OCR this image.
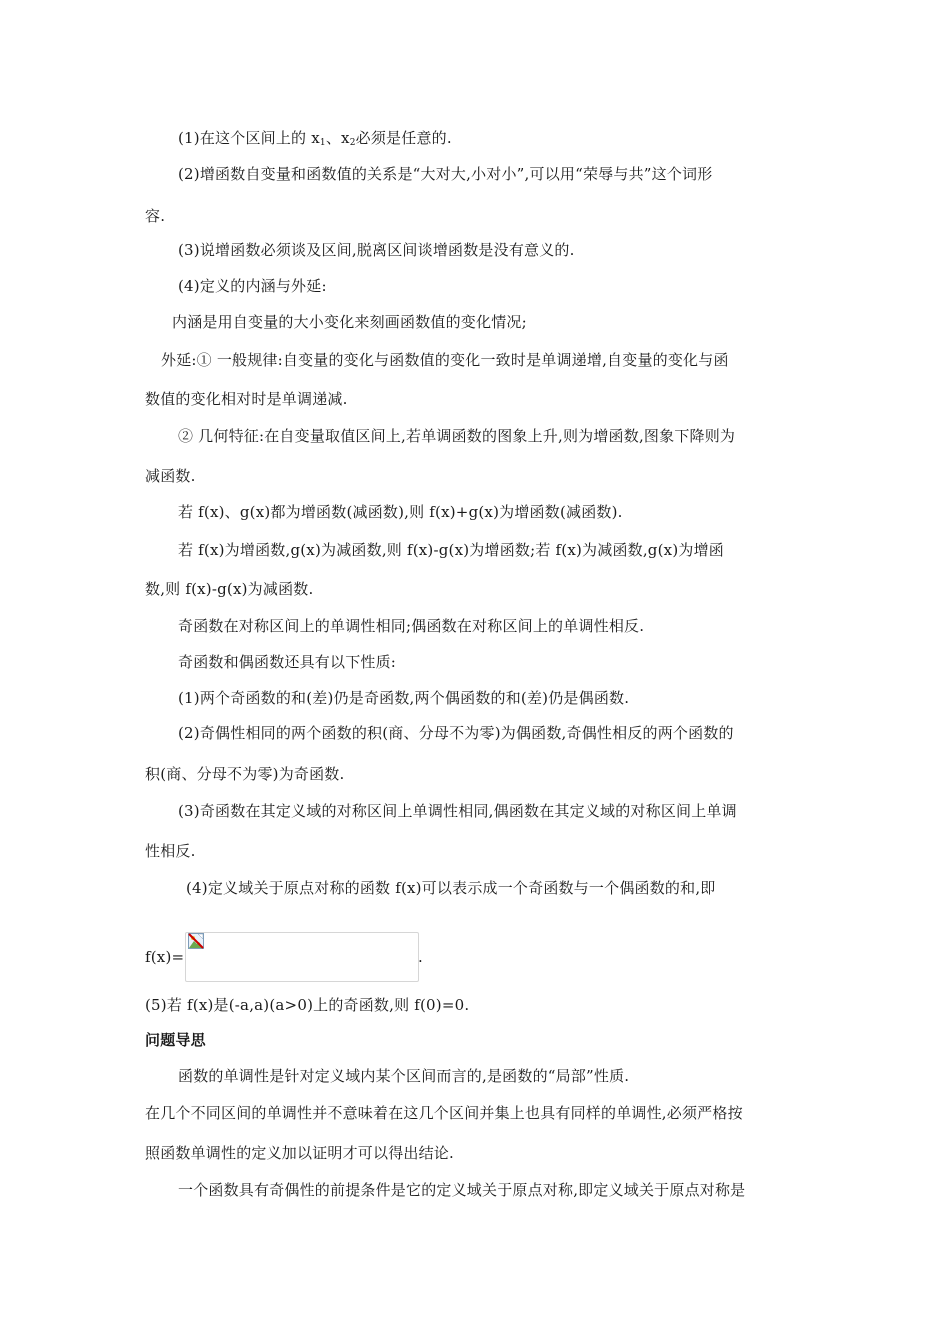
(1)在这个区间上的 $x_1$、$x_2$必须是任意的.
(2)增函数自变量和函数值的关系是“大对大,小对小”,可以用“荣辱与共”这个词形
容.
(3)说增函数必须谈及区间,脱离区间谈增函数是没有意义的.
(4)定义的内涵与外延:
内涵是用自变量的大小变化来刻画函数值的变化情况;
外延:① 一般规律:自变量的变化与函数值的变化一致时是单调递增,自变量的变化与函
数值的变化相对时是单调递减.
② 几何特征:在自变量取值区间上,若单调函数的图象上升,则为增函数,图象下降则为
减函数.
若 f(x)、g(x)都为增函数(减函数),则 f(x)+g(x)为增函数(减函数).
若 f(x)为增函数,g(x)为减函数,则 f(x)-g(x)为增函数;若 f(x)为减函数,g(x)为增函
数,则 f(x)-g(x)为减函数.
奇函数在对称区间上的单调性相同;偶函数在对称区间上的单调性相反.
奇函数和偶函数还具有以下性质:
(1)两个奇函数的和(差)仍是奇函数,两个偶函数的和(差)仍是偶函数.
(2)奇偶性相同的两个函数的积(商、分母不为零)为偶函数,奇偶性相反的两个函数的
积(商、分母不为零)为奇函数.
(3)奇函数在其定义域的对称区间上单调性相同,偶函数在其定义域的对称区间上单调
性相反.
(4)定义域关于原点对称的函数 f(x)可以表示成一个奇函数与一个偶函数的和,即
f(x)=	.
(5)若 f(x)是(-a,a)(a>0)上的奇函数,则 f(0)=0.
问题导思
函数的单调性是针对定义域内某个区间而言的,是函数的“局部”性质.
在几个不同区间的单调性并不意味着在这几个区间并集上也具有同样的单调性,必须严格按
照函数单调性的定义加以证明才可以得出结论.
一个函数具有奇偶性的前提条件是它的定义域关于原点对称,即定义域关于原点对称是
